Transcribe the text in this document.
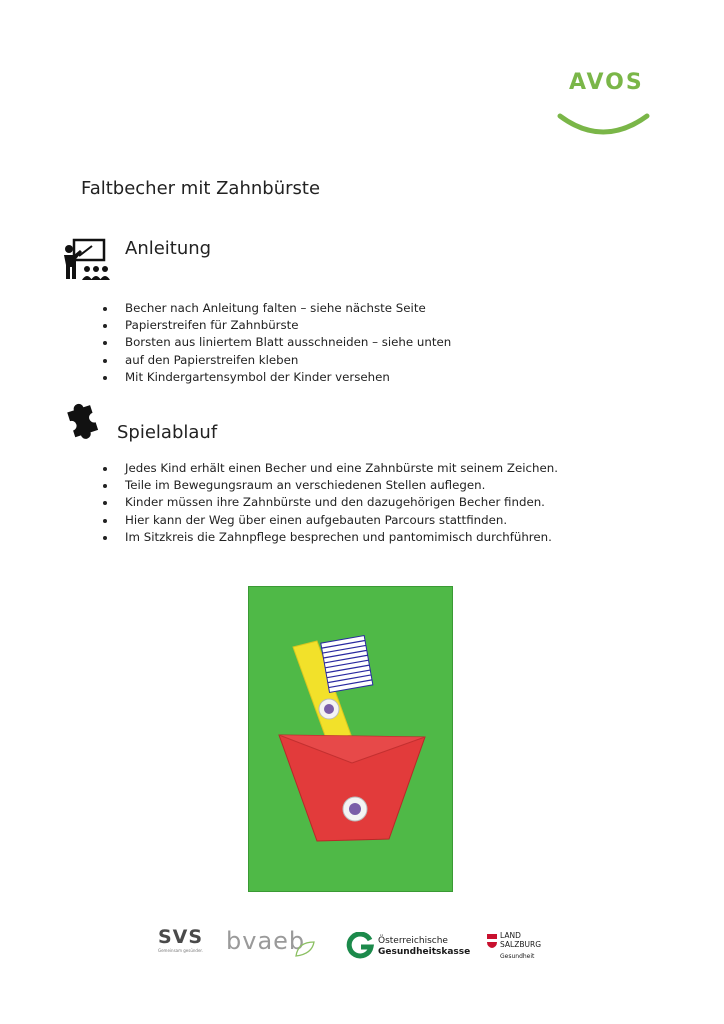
AVOS
Faltbecher mit Zahnbürste
Anleitung
Becher nach Anleitung falten – siehe nächste Seite
Papierstreifen für Zahnbürste
Borsten aus liniertem Blatt ausschneiden – siehe unten
auf den Papierstreifen kleben
Mit Kindergartensymbol der Kinder versehen
Spielablauf
Jedes Kind erhält einen Becher und eine Zahnbürste mit seinem Zeichen.
Teile im Bewegungsraum an verschiedenen Stellen auflegen.
Kinder müssen ihre Zahnbürste und den dazugehörigen Becher finden.
Hier kann der Weg über einen aufgebauten Parcours stattfinden.
Im Sitzkreis die Zahnpflege besprechen und pantomimisch durchführen.
SVS
Gemeinsam gesünder. bvaeb	Österreichische
Gesundheitskasse
LAND
SALZBURG
Gesundheit
